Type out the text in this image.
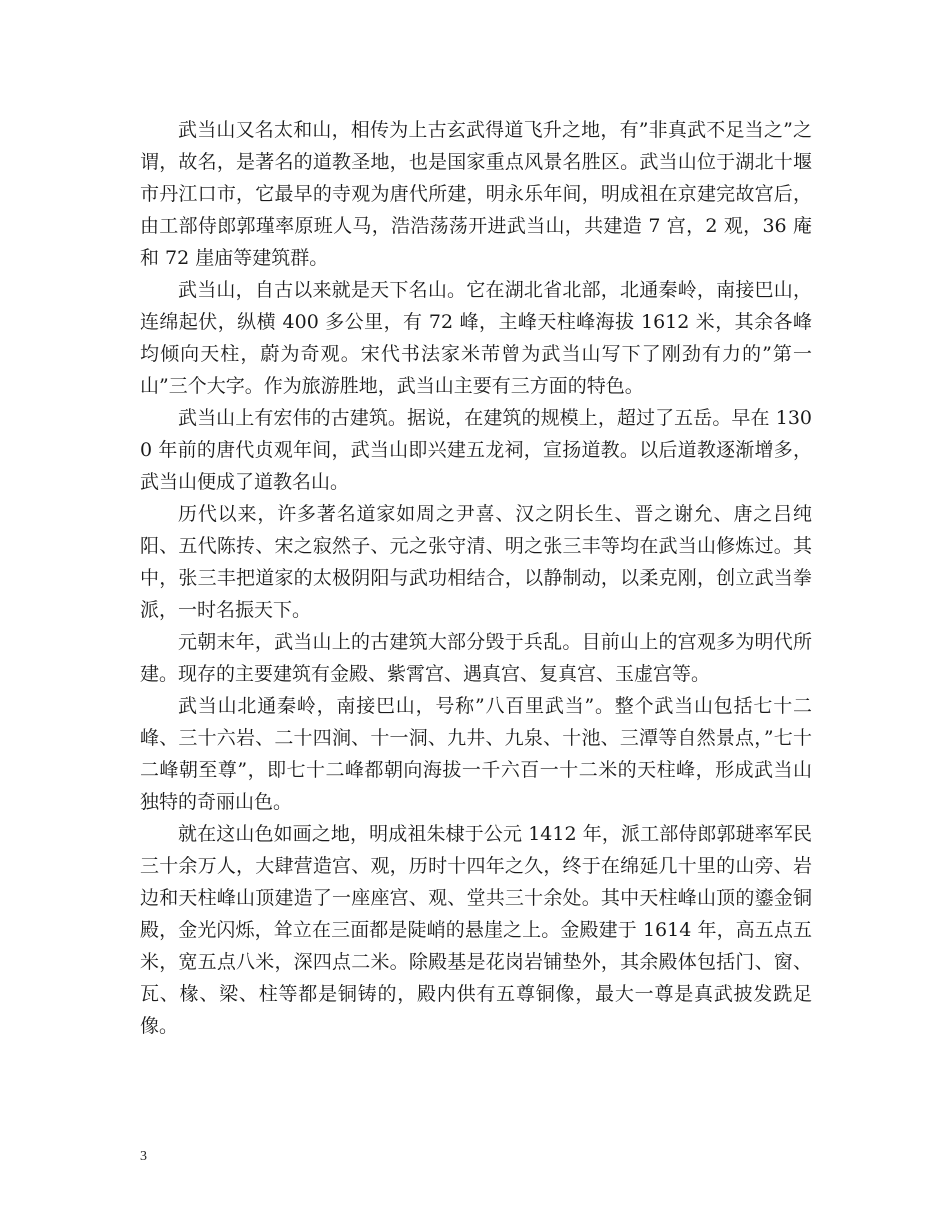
武当山又名太和山，相传为上古玄武得道飞升之地，有”非真武不足当之”之谓，故名，是著名的道教圣地，也是国家重点风景名胜区。武当山位于湖北十堰市丹江口市，它最早的寺观为唐代所建，明永乐年间，明成祖在京建完故宫后，由工部侍郎郭瑾率原班人马，浩浩荡荡开进武当山，共建造 7 宫，2 观，36 庵和 72 崖庙等建筑群。

武当山，自古以来就是天下名山。它在湖北省北部，北通秦岭，南接巴山，连绵起伏，纵横 400 多公里，有 72 峰，主峰天柱峰海拔 1612 米，其余各峰均倾向天柱，蔚为奇观。宋代书法家米芾曾为武当山写下了刚劲有力的”第一山”三个大字。作为旅游胜地，武当山主要有三方面的特色。

武当山上有宏伟的古建筑。据说，在建筑的规模上，超过了五岳。早在 1300 年前的唐代贞观年间，武当山即兴建五龙祠，宣扬道教。以后道教逐渐增多，武当山便成了道教名山。

历代以来，许多著名道家如周之尹喜、汉之阴长生、晋之谢允、唐之吕纯阳、五代陈抟、宋之寂然子、元之张守清、明之张三丰等均在武当山修炼过。其中，张三丰把道家的太极阴阳与武功相结合，以静制动，以柔克刚，创立武当拳派，一时名振天下。

元朝末年，武当山上的古建筑大部分毁于兵乱。目前山上的宫观多为明代所建。现存的主要建筑有金殿、紫霄宫、遇真宫、复真宫、玉虚宫等。

武当山北通秦岭，南接巴山，号称”八百里武当”。整个武当山包括七十二峰、三十六岩、二十四涧、十一洞、九井、九泉、十池、三潭等自然景点，”七十二峰朝至尊”，即七十二峰都朝向海拔一千六百一十二米的天柱峰，形成武当山独特的奇丽山色。

就在这山色如画之地，明成祖朱棣于公元 1412 年，派工部侍郎郭琎率军民三十余万人，大肆营造宫、观，历时十四年之久，终于在绵延几十里的山旁、岩边和天柱峰山顶建造了一座座宫、观、堂共三十余处。其中天柱峰山顶的鎏金铜殿，金光闪烁，耸立在三面都是陡峭的悬崖之上。金殿建于 1614 年，高五点五米，宽五点八米，深四点二米。除殿基是花岗岩铺垫外，其余殿体包括门、窗、瓦、椽、梁、柱等都是铜铸的，殿内供有五尊铜像，最大一尊是真武披发跣足像。

3
